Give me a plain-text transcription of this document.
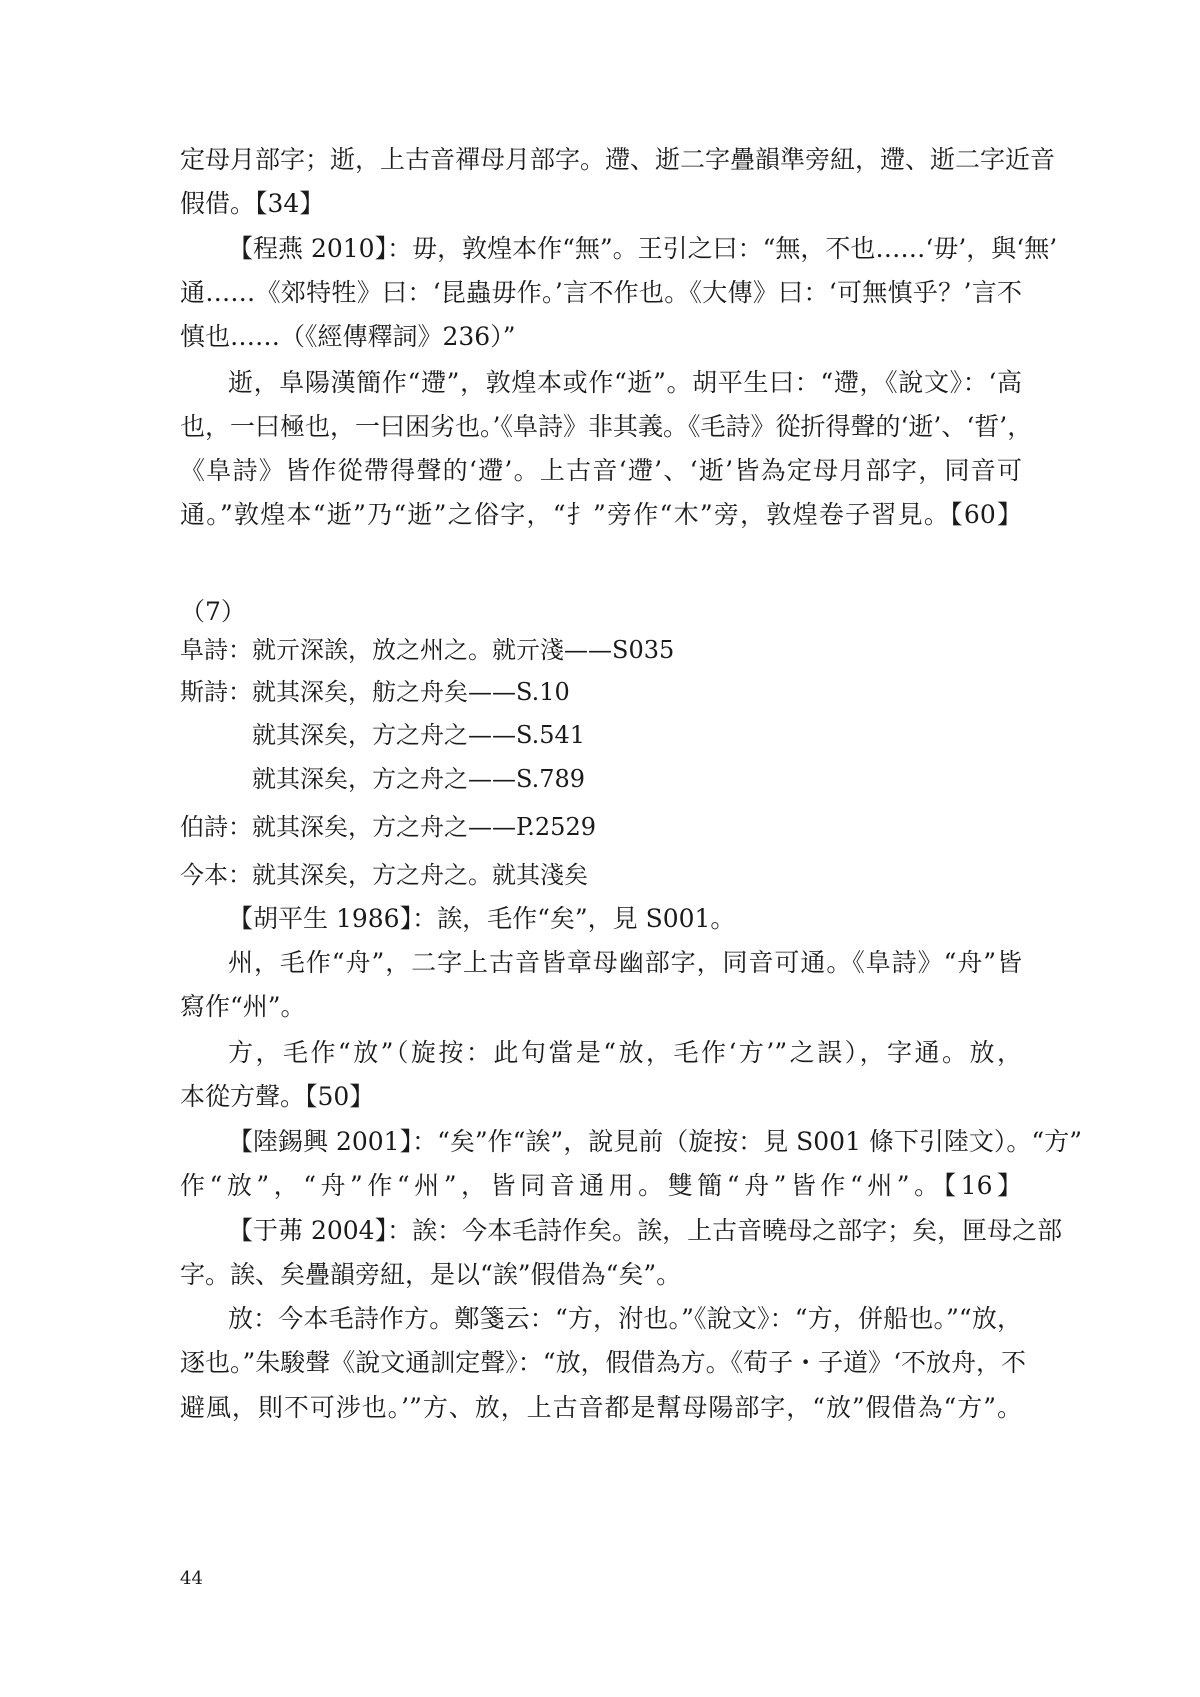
定母月部字；逝，上古音禪母月部字。遰、逝二字疊韻準旁紐，遰、逝二字近音

假借。【34】

【程燕 2010】：毋，敦煌本作“無”。王引之曰：“無，不也……‘毋’，與‘無’

通……《郊特牲》曰：‘昆蟲毋作。’言不作也。《大傳》曰：‘可無慎乎？’言不

慎也……（《經傳釋詞》236）”

逝，阜陽漢簡作“遰”，敦煌本或作“逝”。胡平生曰：“遰，《說文》：‘高

也，一曰極也，一曰困劣也。’《阜詩》非其義。《毛詩》從折得聲的‘逝’、‘晢’，

《阜詩》皆作從帶得聲的‘遰’。上古音‘遰’、‘逝’皆為定母月部字，同音可

通。”敦煌本“逝”乃“逝”之俗字，“扌”旁作“木”旁，敦煌卷子習見。【60】

（7）

阜詩：就亓深誒，放之州之。就亓淺——S035

斯詩：就其深矣，舫之舟矣——S.10

就其深矣，方之舟之——S.541

就其深矣，方之舟之——S.789

伯詩：就其深矣，方之舟之——P.2529

今本：就其深矣，方之舟之。就其淺矣

【胡平生 1986】：誒，毛作“矣”，見 S001。

州，毛作“舟”，二字上古音皆章母幽部字，同音可通。《阜詩》“舟”皆

寫作“州”。

方，毛作“放”（旋按：此句當是“放，毛作‘方’”之誤），字通。放，

本從方聲。【50】

【陸錫興 2001】：“矣”作“誒”，說見前（旋按：見 S001 條下引陸文）。“方”

作“放”，“舟”作“州”，皆同音通用。雙簡“舟”皆作“州”。【16】

【于茀 2004】：誒：今本毛詩作矣。誒，上古音曉母之部字；矣，匣母之部

字。誒、矣疊韻旁紐，是以“誒”假借為“矣”。

放：今本毛詩作方。鄭箋云：“方，泭也。”《說文》：“方，併船也。”“放，

逐也。”朱駿聲《說文通訓定聲》：“放，假借為方。《荀子・子道》‘不放舟，不

避風，則不可涉也。’”方、放，上古音都是幫母陽部字，“放”假借為“方”。

44
